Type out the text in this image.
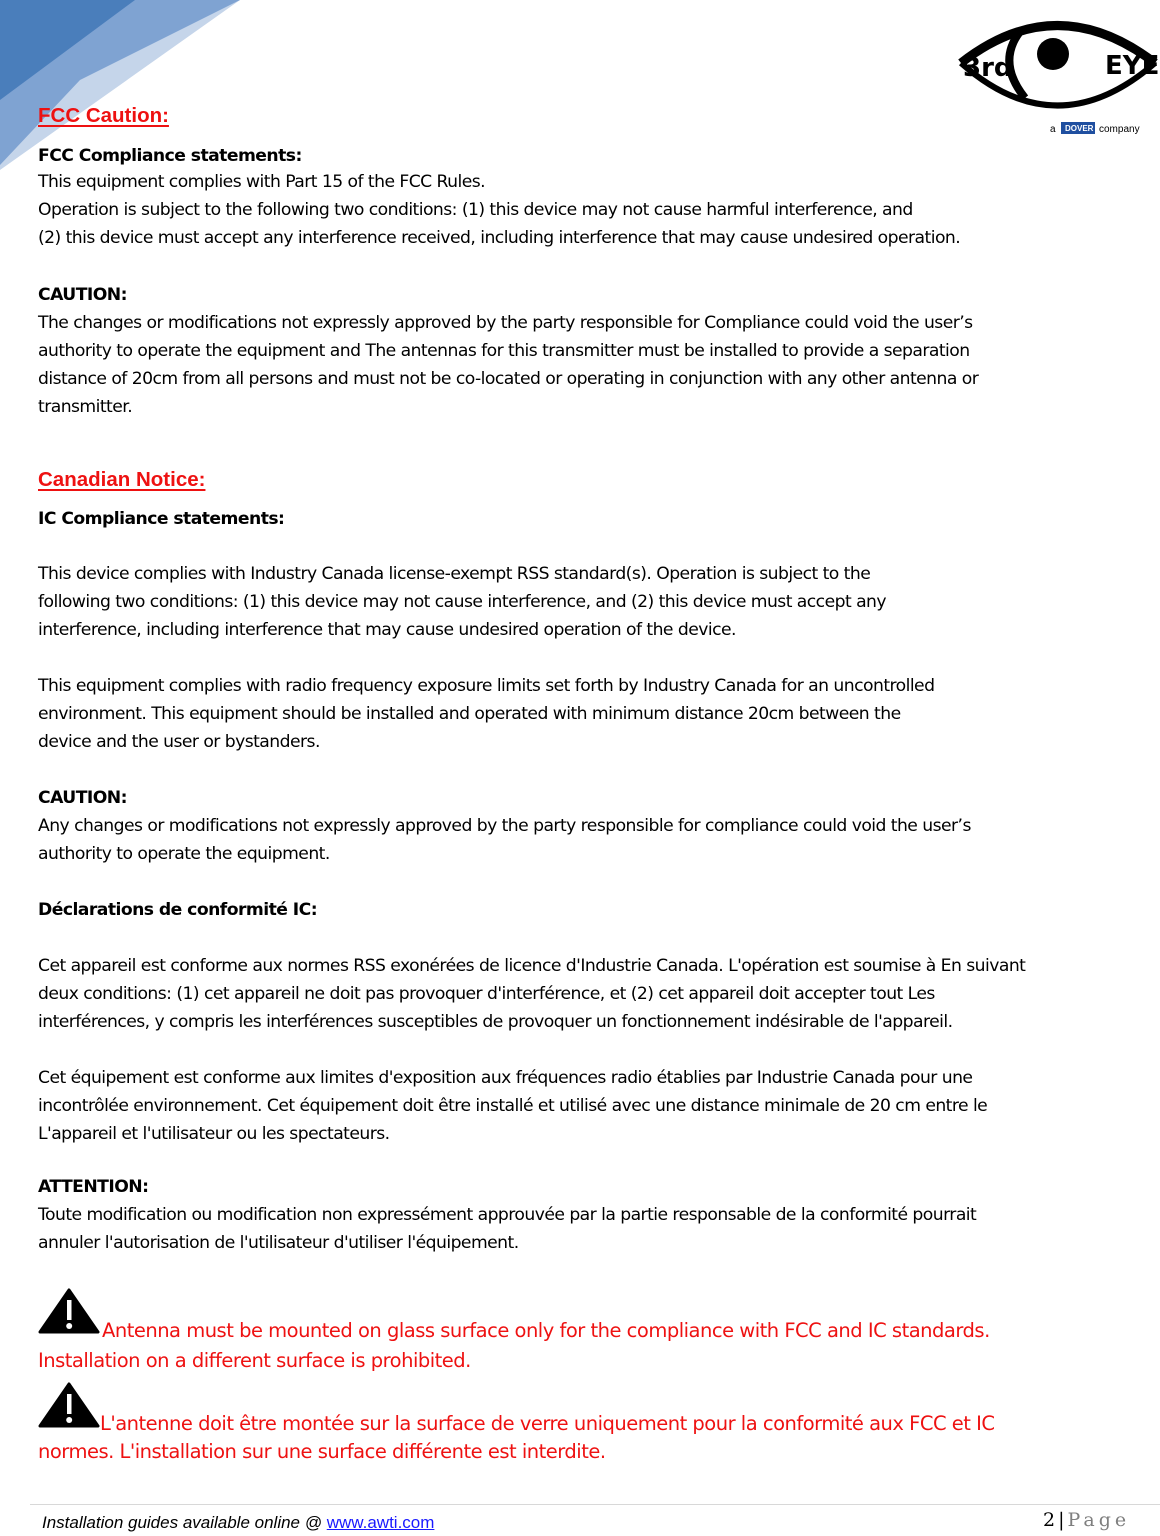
3rd	EYE
a DOVER company
FCC Caution:
FCC Compliance statements:
This equipment complies with Part 15 of the FCC Rules.
Operation is subject to the following two conditions: (1) this device may not cause harmful interference, and
(2) this device must accept any interference received, including interference that may cause undesired operation.
CAUTION:
The changes or modifications not expressly approved by the party responsible for Compliance could void the user’s
authority to operate the equipment and The antennas for this transmitter must be installed to provide a separation
distance of 20cm from all persons and must not be co-located or operating in conjunction with any other antenna or
transmitter.
Canadian Notice:
IC Compliance statements:
This device complies with Industry Canada license-exempt RSS standard(s). Operation is subject to the
following two conditions: (1) this device may not cause interference, and (2) this device must accept any
interference, including interference that may cause undesired operation of the device.
This equipment complies with radio frequency exposure limits set forth by Industry Canada for an uncontrolled
environment. This equipment should be installed and operated with minimum distance 20cm between the
device and the user or bystanders.
CAUTION:
Any changes or modifications not expressly approved by the party responsible for compliance could void the user’s
authority to operate the equipment.
Déclarations de conformité IC:
Cet appareil est conforme aux normes RSS exonérées de licence d'Industrie Canada. L'opération est soumise à En suivant
deux conditions: (1) cet appareil ne doit pas provoquer d'interférence, et (2) cet appareil doit accepter tout Les
interférences, y compris les interférences susceptibles de provoquer un fonctionnement indésirable de l'appareil.
Cet équipement est conforme aux limites d'exposition aux fréquences radio établies par Industrie Canada pour une
incontrôlée environnement. Cet équipement doit être installé et utilisé avec une distance minimale de 20 cm entre le
L'appareil et l'utilisateur ou les spectateurs.
ATTENTION:
Toute modification ou modification non expressément approuvée par la partie responsable de la conformité pourrait
annuler l'autorisation de l'utilisateur d'utiliser l'équipement.
Antenna must be mounted on glass surface only for the compliance with FCC and IC standards.
Installation on a different surface is prohibited.
L'antenne doit être montée sur la surface de verre uniquement pour la conformité aux FCC et IC
normes. L'installation sur une surface différente est interdite.
Installation guides available online @ www.awti.com	2 | Page
